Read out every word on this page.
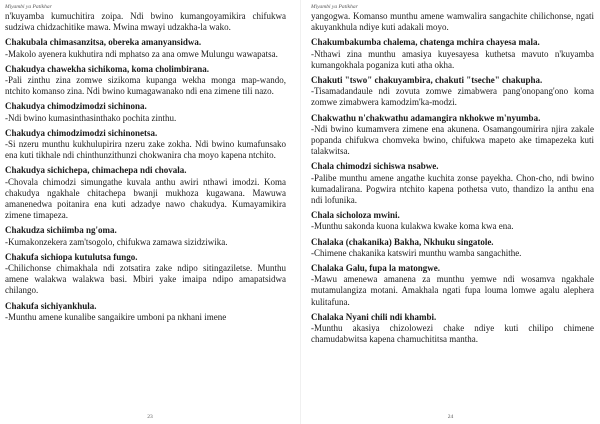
Miyambi ya Patikhar
n'kuyamba kumuchitira zoipa. Ndi bwino kumangoyamikira chifukwa sudziwa chidzachitike mawa. Mwina mwayi udzakha-la wako.
Chakubala chimasanzitsa, obereka amanyansidwa.
-Makolo ayenera kukhutira ndi mphatso za ana omwe Mulungu wawapatsa.
Chakudya chawekha sichikoma, koma cholimbirana.
-Pali zinthu zina zomwe sizikoma kupanga wekha monga map-wando, ntchito komanso zina. Ndi bwino kumagawanako ndi ena zimene tili nazo.
Chakudya chimodzimodzi sichinona.
-Ndi bwino kumasinthasinthako pochita zinthu.
Chakudya chimodzimodzi sichinonetsa.
-Si nzeru munthu kukhulupirira nzeru zake zokha. Ndi bwino kumafunsako ena kuti tikhale ndi chinthunzithunzi chokwanira cha moyo kapena ntchito.
Chakudya sichichepa, chimachepa ndi chovala.
-Chovala chimodzi simungathe kuvala anthu awiri nthawi imodzi. Koma chakudya ngakhale chitachepa bwanji mukhoza kugawana. Mawuwa amanenedwa poitanira ena kuti adzadye nawo chakudya. Kumayamikira zimene timapeza.
Chakudza sichiimba ng'oma.
-Kumakonzekera zam'tsogolo, chifukwa zamawa sizidziwika.
Chakufa sichiopa kutulutsa fungo.
-Chilichonse chimakhala ndi zotsatira zake ndipo sitingaziletse. Munthu amene walakwa walakwa basi. Mbiri yake imaipa ndipo amapatsidwa chilango.
Chakufa sichiyankhula.
-Munthu amene kunalibe sangaikire umboni pa nkhani imene
23
Miyambi ya Patikhar
yangogwa. Komanso munthu amene wamwalira sangachite chilichonse, ngati akuyankhula ndiye kuti adakali moyo.
Chakumbakumba chalema, chatenga mchira chayesa mala.
-Nthawi zina munthu amasiya kuyesayesa kuthetsa mavuto n'kuyamba kumangokhala poganiza kuti atha okha.
Chakuti "tswo" chakuyambira, chakuti "tseche" chakupha.
-Tisamadandaule ndi zovuta zomwe zimabwera pang'onopang'ono koma zomwe zimabwera kamodzim'ka-modzi.
Chakwathu n'chakwathu adamangira nkhokwe m'nyumba.
-Ndi bwino kumamvera zimene ena akunena. Osamangoumirira njira zakale popanda chifukwa chomveka bwino, chifukwa mapeto ake timapezeka kuti talakwitsa.
Chala chimodzi sichiswa nsabwe.
-Palibe munthu amene angathe kuchita zonse payekha. Chon-cho, ndi bwino kumadalirana. Pogwira ntchito kapena pothetsa vuto, thandizo la anthu ena ndi lofunika.
Chala sicholoza mwini.
-Munthu sakonda kuona kulakwa kwake koma kwa ena.
Chalaka (chakanika) Bakha, Nkhuku singatole.
-Chimene chakanika katswiri munthu wamba sangachithe.
Chalaka Galu, fupa la matongwe.
-Mawu amenewa amanena za munthu yemwe ndi wosamva ngakhale mutamulangiza motani. Amakhala ngati fupa louma lomwe agalu alephera kulitafuna.
Chalaka Nyani chili ndi khambi.
-Munthu akasiya chizolowezi chake ndiye kuti chilipo chimene chamudabwitsa kapena chamuchititsa mantha.
24
